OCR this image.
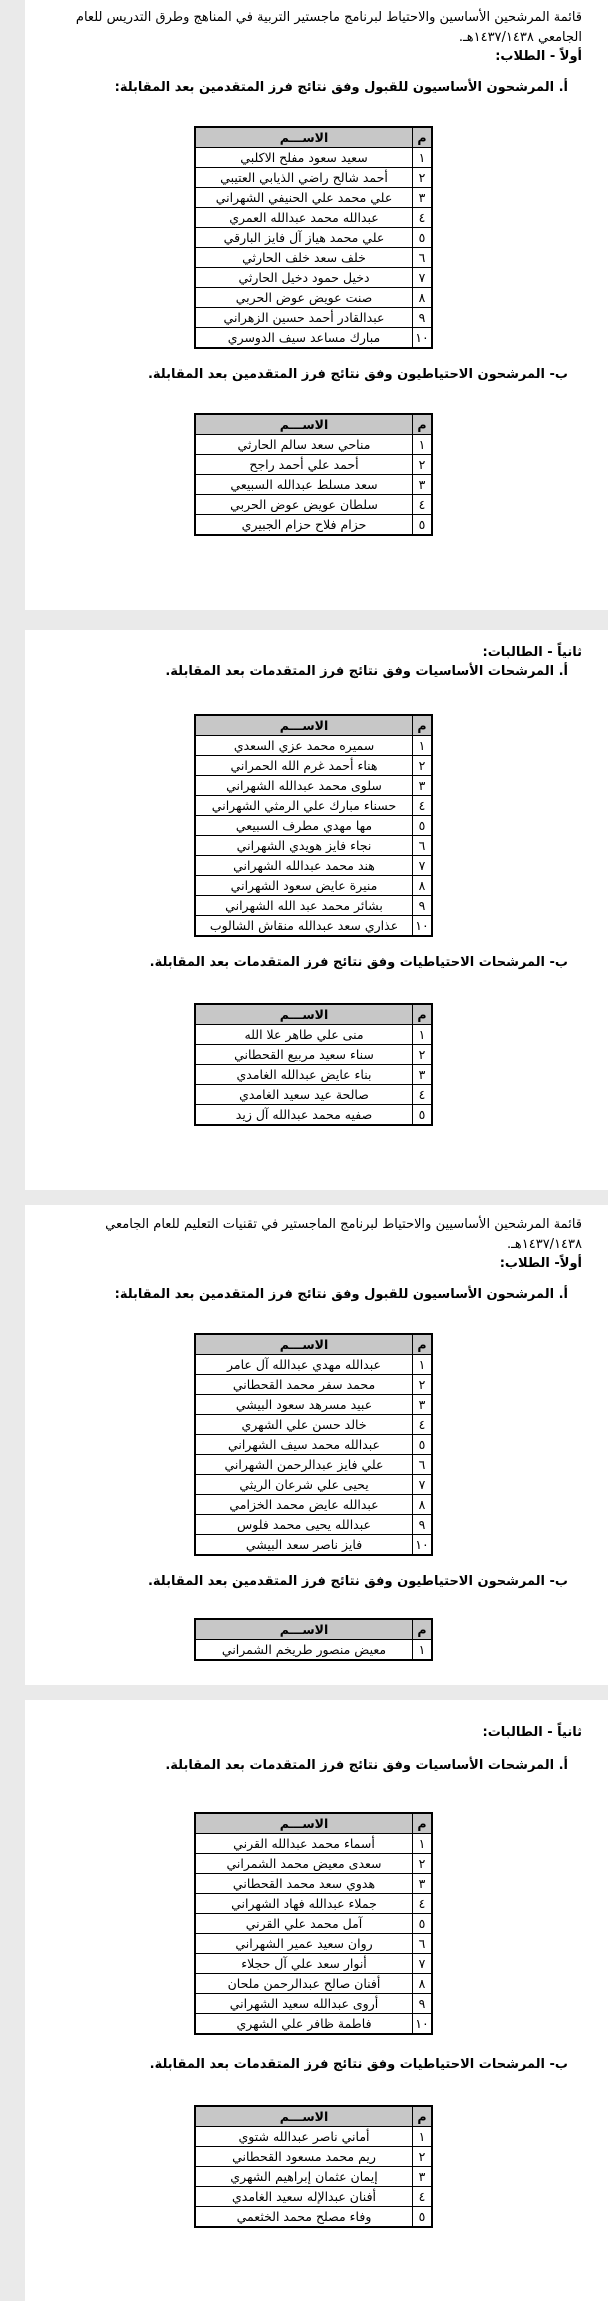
قائمة المرشحين الأساسين والاحتياط لبرنامج ماجستير التربية في المناهج وطرق التدريس للعام الجامعي ١٤٣٧/١٤٣٨هـ.

أولاً - الطلاب:

أ. المرشحون الأساسيون للقبول وفق نتائج فرز المتقدمين بعد المقابلة:

م	الاســـم
١	سعيد سعود مفلح الاكلبي
٢	أحمد شالح راضي الذيابي العتيبي
٣	علي محمد علي الحنيفي الشهراني
٤	عبدالله محمد عبدالله العمري
٥	علي محمد هياز آل فايز البارقي
٦	خلف سعد خلف الحارثي
٧	دخيل حمود دخيل الحارثي
٨	صنت عويض عوض الحربي
٩	عبدالقادر أحمد حسين الزهراني
١٠	مبارك مساعد سيف الدوسري

ب- المرشحون الاحتياطيون وفق نتائج فرز المتقدمين بعد المقابلة.

م	الاســـم
١	مناحي سعد سالم الحارثي
٢	أحمد علي أحمد راجح
٣	سعد مسلط عبدالله السبيعي
٤	سلطان عويض عوض الحربي
٥	حزام فلاح حزام الجبيري

ثانياً - الطالبات:

أ. المرشحات الأساسيات وفق نتائج فرز المتقدمات بعد المقابلة.

م	الاســـم
١	سميره محمد عزي السعدي
٢	هناء أحمد غرم الله الحمراني
٣	سلوى محمد عبدالله الشهراني
٤	حسناء مبارك علي الرمثي الشهراني
٥	مها مهدي مطرف السبيعي
٦	نجاء فايز هويدي الشهراني
٧	هند محمد عبدالله الشهراني
٨	منيرة عايض سعود الشهراني
٩	بشائر محمد عبد الله الشهراني
١٠	عذاري سعد عبدالله منقاش الشالوب

ب- المرشحات الاحتياطيات وفق نتائج فرز المتقدمات بعد المقابلة.

م	الاســـم
١	منى علي طاهر علا الله
٢	سناء سعيد مربيع القحطاني
٣	بناء عايض عبدالله الغامدي
٤	صالحة عيد سعيد الغامدي
٥	صفيه محمد عبدالله آل زيد

قائمة المرشحين الأساسيين والاحتياط لبرنامج الماجستير في تقنيات التعليم للعام الجامعي ١٤٣٧/١٤٣٨هـ.

أولاً- الطلاب:

أ. المرشحون الأساسيون للقبول وفق نتائج فرز المتقدمين بعد المقابلة:

م	الاســـم
١	عبدالله مهدي عبدالله آل عامر
٢	محمد سفر محمد القحطاني
٣	عبيد مسرهد سعود البيشي
٤	خالد حسن علي الشهري
٥	عبدالله محمد سيف الشهراني
٦	علي فايز عبدالرحمن الشهراني
٧	يحيى علي شرعان الريثي
٨	عبدالله عايض محمد الخزامي
٩	عبدالله يحيى محمد فلوس
١٠	فايز ناصر سعد البيشي

ب- المرشحون الاحتياطيون وفق نتائج فرز المتقدمين بعد المقابلة.

م	الاســـم
١	معيض منصور طريخم الشمراني

ثانياً - الطالبات:

أ. المرشحات الأساسيات وفق نتائج فرز المتقدمات بعد المقابلة.

م	الاســـم
١	أسماء محمد عبدالله القرني
٢	سعدى معيض محمد الشمراني
٣	هدوي سعد محمد القحطاني
٤	جملاء عبدالله فهاد الشهراني
٥	آمل محمد علي القرني
٦	روان سعيد عمير الشهراني
٧	أنوار سعد علي آل حجلاء
٨	أفنان صالح عبدالرحمن ملحان
٩	أروى عبدالله سعيد الشهراني
١٠	فاطمة ظافر علي الشهري

ب- المرشحات الاحتياطيات وفق نتائج فرز المتقدمات بعد المقابلة.

م	الاســـم
١	أماني ناصر عبدالله شتوي
٢	ريم محمد مسعود القحطاني
٣	إيمان عثمان إبراهيم الشهري
٤	أفنان عبدالإله سعيد الغامدي
٥	وفاء مصلح محمد الخثعمي
